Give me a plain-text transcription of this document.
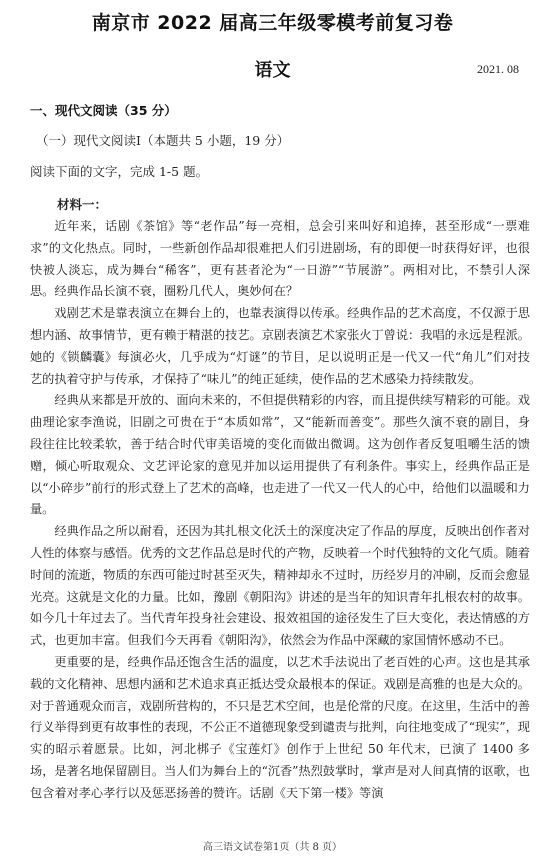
南京市 2022 届高三年级零模考前复习卷
语文	2021. 08
一、现代文阅读（35 分）
（一）现代文阅读Ⅰ（本题共 5 小题，19 分）
阅读下面的文字，完成 1-5 题。
材料一：

近年来，话剧《茶馆》等“老作品”每一亮相，总会引来叫好和追捧，甚至形成“一票难求”的文化热点。同时，一些新创作品却很难把人们引进剧场，有的即便一时获得好评，也很快被人淡忘，成为舞台“稀客”，更有甚者沦为“一日游”“节展游”。两相对比，不禁引人深思。经典作品长演不衰，圈粉几代人，奥妙何在？

戏剧艺术是靠表演立在舞台上的，也靠表演得以传承。经典作品的艺术高度，不仅源于思想内涵、故事情节，更有赖于精湛的技艺。京剧表演艺术家张火丁曾说：我唱的永远是程派。她的《锁麟囊》每演必火，几乎成为“灯谜”的节目，足以说明正是一代又一代“角儿”们对技艺的执着守护与传承，才保持了“味儿”的纯正延续，使作品的艺术感染力持续散发。

经典从来都是开放的、面向未来的，不但提供精彩的内容，而且提供续写精彩的可能。戏曲理论家李渔说，旧剧之可贵在于“本质如常”，又“能新而善变”。那些久演不衰的剧目，身段往往比较柔软，善于结合时代审美语境的变化而做出微调。这为创作者反复咀嚼生活的馈赠，倾心听取观众、文艺评论家的意见并加以运用提供了有利条件。事实上，经典作品正是以“小碎步”前行的形式登上了艺术的高峰，也走进了一代又一代人的心中，给他们以温暖和力量。

经典作品之所以耐看，还因为其扎根文化沃土的深度决定了作品的厚度，反映出创作者对人性的体察与感悟。优秀的文艺作品总是时代的产物，反映着一个时代独特的文化气质。随着时间的流逝，物质的东西可能过时甚至灭失，精神却永不过时，历经岁月的冲刷，反而会愈显光亮。这就是文化的力量。比如，豫剧《朝阳沟》讲述的是当年的知识青年扎根农村的故事。如今几十年过去了。当代青年投身社会建设、报效祖国的途径发生了巨大变化，表达情感的方式，也更加丰富。但我们今天再看《朝阳沟》，依然会为作品中深藏的家国情怀感动不已。

更重要的是，经典作品还饱含生活的温度，以艺术手法说出了老百姓的心声。这也是其承载的文化精神、思想内涵和艺术追求真正抵达受众最根本的保证。戏剧是高雅的也是大众的。对于普通观众而言，戏剧所营构的，不只是艺术空间，也是伦常的尺度。在这里，生活中的善行义举得到更有故事性的表现，不公正不道德现象受到谴责与批判，向往地变成了“现实”，现实的昭示着愿景。比如，河北梆子《宝莲灯》创作于上世纪 50 年代末，已演了 1400 多场，是著名地保留剧目。当人们为舞台上的“沉香”热烈鼓掌时，掌声是对人间真情的讴歌，也包含着对孝心孝行以及惩恶扬善的赞许。话剧《天下第一楼》等演

高三语文试卷第1页（共 8 页）
